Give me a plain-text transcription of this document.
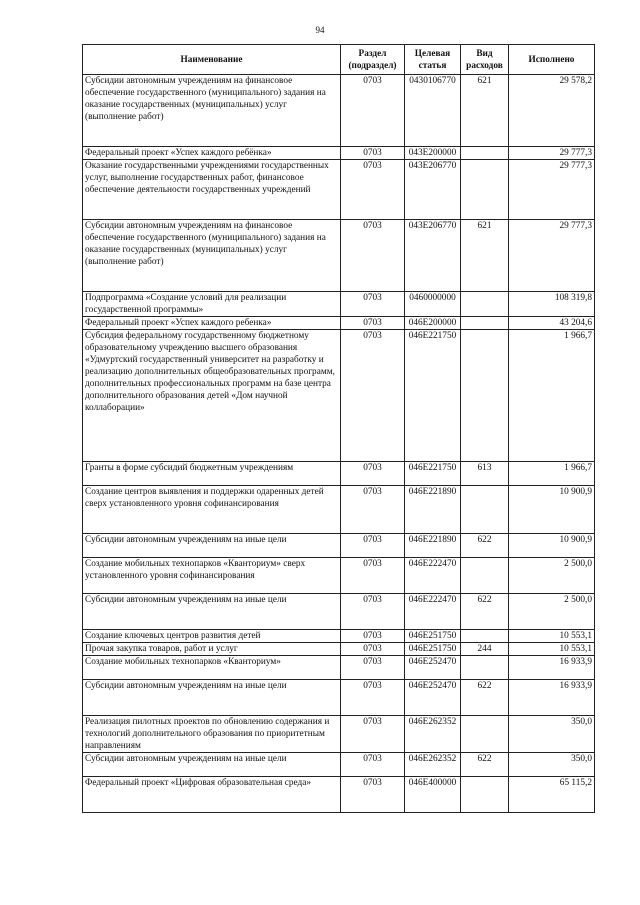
94
Наименование	Раздел (подраздел)	Целевая статья	Вид расходов	Исполнено
Субсидии автономным учреждениям на финансовое обеспечение государственного (муниципального) задания на оказание государственных (муниципальных) услуг (выполнение работ)	0703	0430106770	621	29 578,2
Федеральный проект «Успех каждого ребёнка»	0703	043E200000		29 777,3
Оказание государственными учреждениями государственных услуг, выполнение государственных работ, финансовое обеспечение деятельности государственных учреждений	0703	043E206770		29 777,3
Субсидии автономным учреждениям на финансовое обеспечение государственного (муниципального) задания на оказание государственных (муниципальных) услуг (выполнение работ)	0703	043E206770	621	29 777,3
Подпрограмма «Создание условий для реализации государственной программы»	0703	0460000000		108 319,8
Федеральный проект «Успех каждого ребенка»	0703	046E200000		43 204,6
Субсидия федеральному государственному бюджетному образовательному учреждению высшего образования «Удмуртский государственный университет на разработку и реализацию дополнительных общеобразовательных программ, дополнительных профессиональных программ на базе центра дополнительного образования детей «Дом научной коллаборации»	0703	046E221750		1 966,7
Гранты в форме субсидий бюджетным учреждениям	0703	046E221750	613	1 966,7
Создание центров выявления и поддержки одаренных детей сверх установленного уровня софинансирования	0703	046E221890		10 900,9
Субсидии автономным учреждениям на иные цели	0703	046E221890	622	10 900,9
Создание мобильных технопарков «Кванториум» сверх установленного уровня софинансирования	0703	046E222470		2 500,0
Субсидии автономным учреждениям на иные цели	0703	046E222470	622	2 500,0
Создание ключевых центров развития детей	0703	046E251750		10 553,1
Прочая закупка товаров, работ и услуг	0703	046E251750	244	10 553,1
Создание мобильных технопарков «Кванториум»	0703	046E252470		16 933,9
Субсидии автономным учреждениям на иные цели	0703	046E252470	622	16 933,9
Реализация пилотных проектов по обновлению содержания и технологий дополнительного образования по приоритетным направлениям	0703	046E262352		350,0
Субсидии автономным учреждениям на иные цели	0703	046E262352	622	350,0
Федеральный проект «Цифровая образовательная среда»	0703	046E400000		65 115,2
